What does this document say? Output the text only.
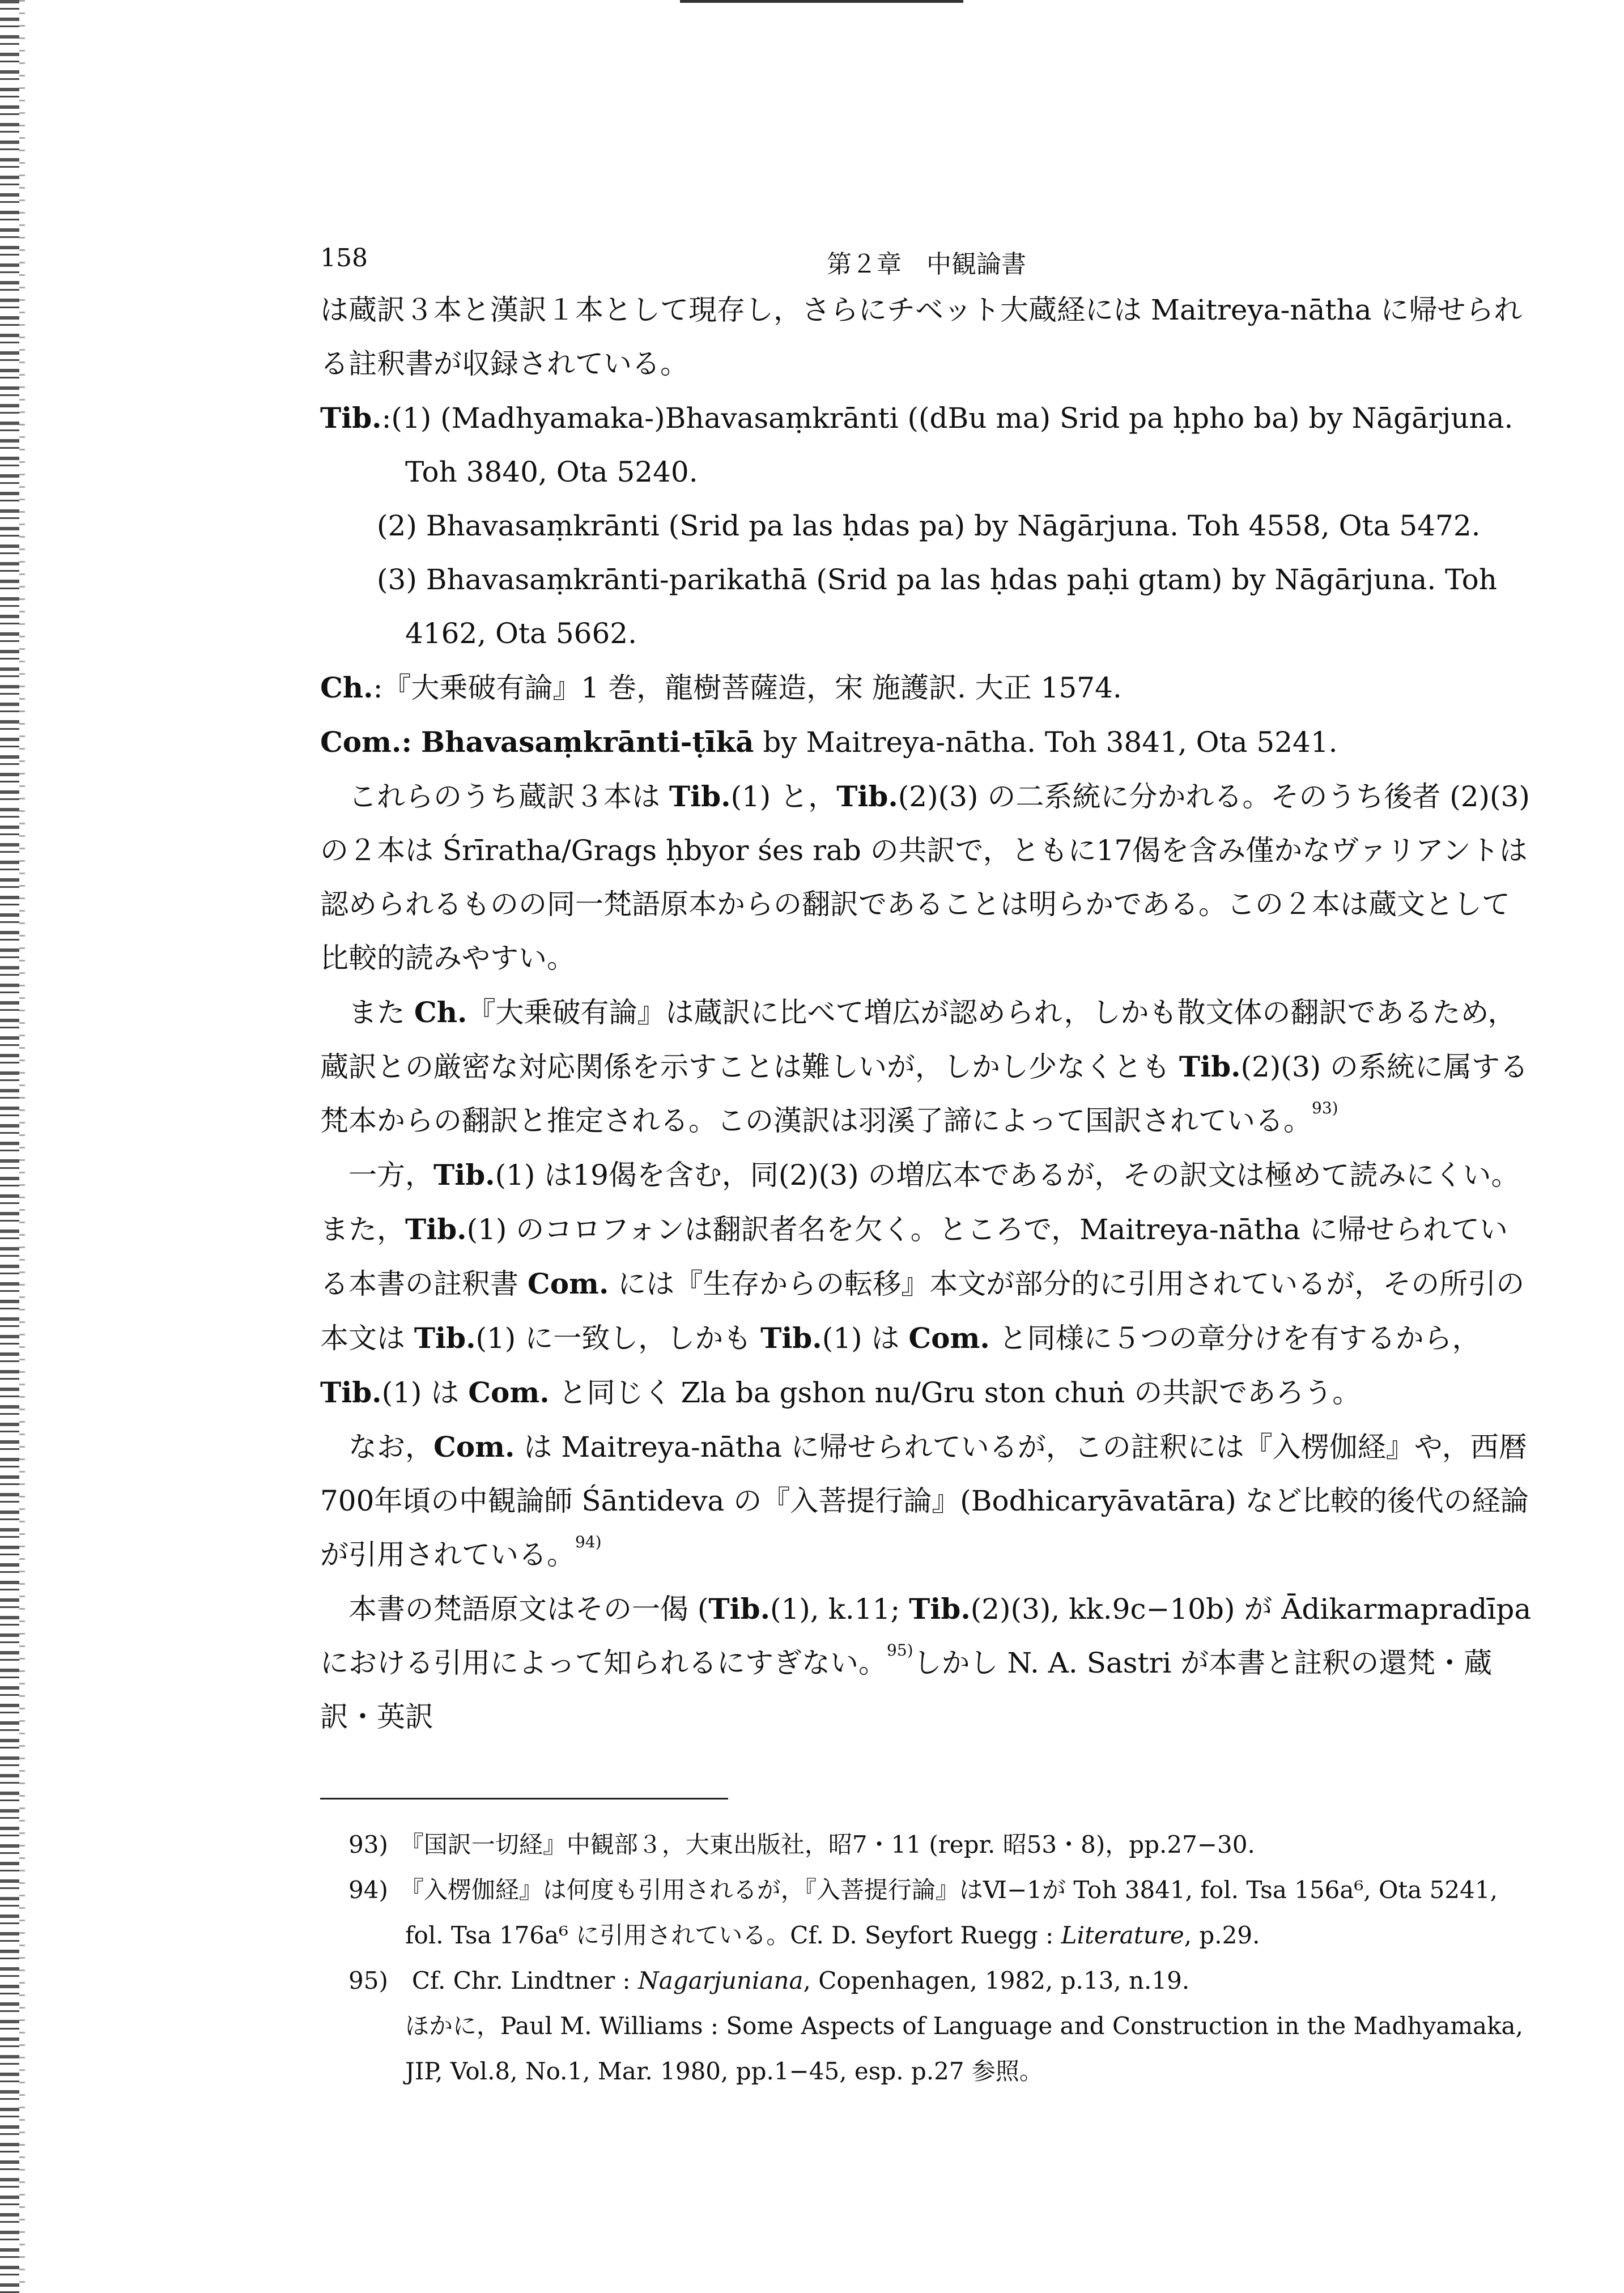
158	第２章　中観論書

は蔵訳３本と漢訳１本として現存し，さらにチベット大蔵経には Maitreya-nātha に帰せられる註釈書が収録されている。

Tib.:(1) (Madhyamaka-)Bhavasaṃkrānti ((dBu ma) Srid pa ḥpho ba) by Nāgārjuna. Toh 3840, Ota 5240.

(2) Bhavasaṃkrānti (Srid pa las ḥdas pa) by Nāgārjuna. Toh 4558, Ota 5472.

(3) Bhavasaṃkrānti-parikathā (Srid pa las ḥdas paḥi gtam) by Nāgārjuna. Toh 4162, Ota 5662.

Ch.:『大乗破有論』1 巻，龍樹菩薩造，宋 施護訳. 大正 1574.

Com.: Bhavasaṃkrānti-ṭīkā by Maitreya-nātha. Toh 3841, Ota 5241.

これらのうち蔵訳３本は Tib.(1) と，Tib.(2)(3) の二系統に分かれる。そのうち後者 (2)(3) の２本は Śrīratha/Grags ḥbyor śes rab の共訳で，ともに17偈を含み僅かなヴァリアントは認められるものの同一梵語原本からの翻訳であることは明らかである。この２本は蔵文として比較的読みやすい。

また Ch.『大乗破有論』は蔵訳に比べて増広が認められ，しかも散文体の翻訳であるため，蔵訳との厳密な対応関係を示すことは難しいが，しかし少なくとも Tib.(2)(3) の系統に属する梵本からの翻訳と推定される。この漢訳は羽溪了諦によって国訳されている。$^{93)}$

一方，Tib.(1) は19偈を含む，同(2)(3) の増広本であるが，その訳文は極めて読みにくい。また，Tib.(1) のコロフォンは翻訳者名を欠く。ところで，Maitreya-nātha に帰せられている本書の註釈書 Com. には『生存からの転移』本文が部分的に引用されているが，その所引の本文は Tib.(1) に一致し，しかも Tib.(1) は Com. と同様に５つの章分けを有するから，Tib.(1) は Com. と同じく Zla ba gshon nu/Gru ston chuṅ の共訳であろう。

なお，Com. は Maitreya-nātha に帰せられているが，この註釈には『入楞伽経』や，西暦700年頃の中観論師 Śāntideva の『入菩提行論』(Bodhicaryāvatāra) など比較的後代の経論が引用されている。$^{94)}$

本書の梵語原文はその一偈 (Tib.(1), k.11; Tib.(2)(3), kk.9c−10b) が Ādikarmapradīpa における引用によって知られるにすぎない。$^{95)}$しかし N. A. Sastri が本書と註釈の還梵・蔵訳・英訳

93)　『国訳一切経』中観部３，大東出版社，昭7・11 (repr. 昭53・8)，pp.27−30.

94)　『入楞伽経』は何度も引用されるが，『入菩提行論』はⅥ−1が Toh 3841, fol. Tsa 156a⁶, Ota 5241, fol. Tsa 176a⁶ に引用されている。Cf. D. Seyfort Ruegg : Literature, p.29.

95)　Cf. Chr. Lindtner : Nagarjuniana, Copenhagen, 1982, p.13, n.19.

ほかに，Paul M. Williams : Some Aspects of Language and Construction in the Madhyamaka, JIP, Vol.8, No.1, Mar. 1980, pp.1−45, esp. p.27 参照。
